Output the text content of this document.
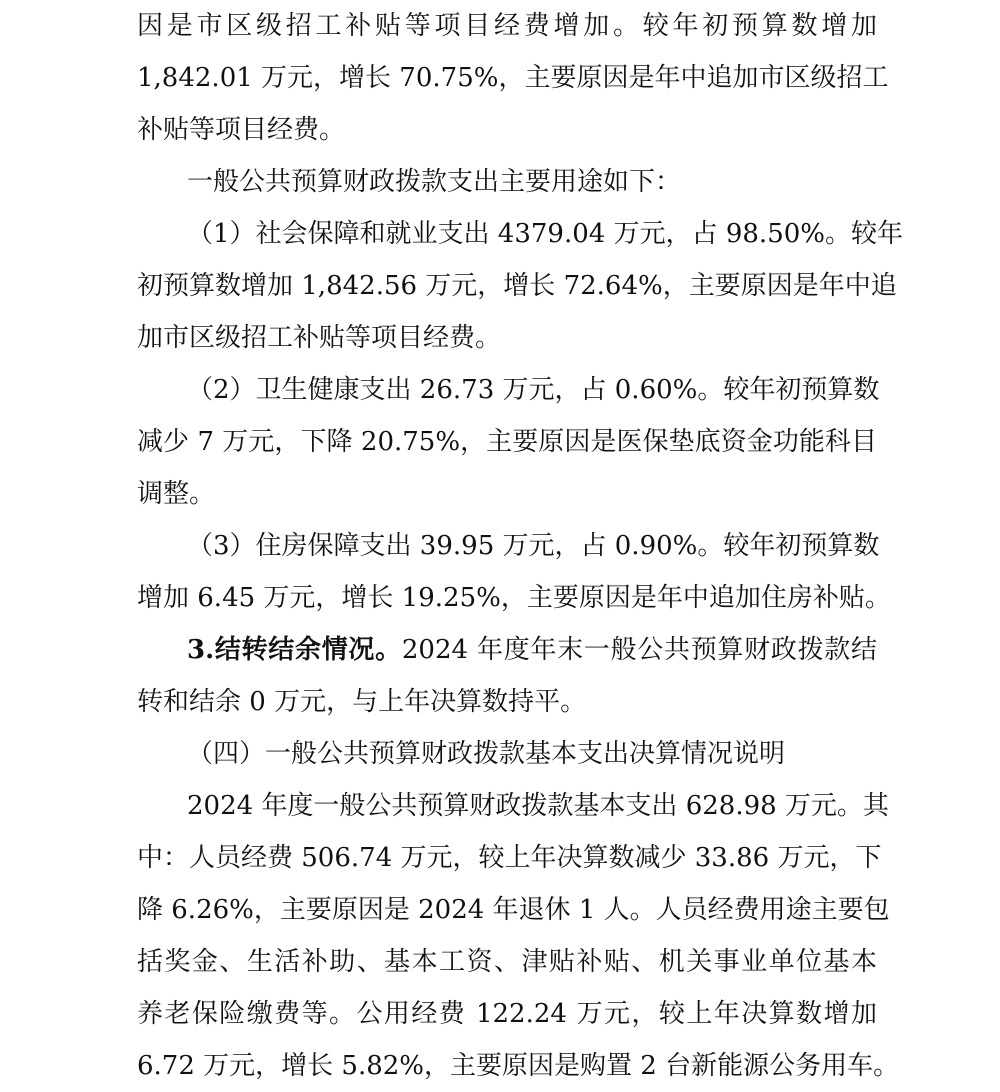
因是市区级招工补贴等项目经费增加。较年初预算数增加
1,842.01 万元，增长 70.75%，主要原因是年中追加市区级招工
补贴等项目经费。
一般公共预算财政拨款支出主要用途如下：
（1）社会保障和就业支出 4379.04 万元，占 98.50%。较年
初预算数增加 1,842.56 万元，增长 72.64%，主要原因是年中追
加市区级招工补贴等项目经费。
（2）卫生健康支出 26.73 万元，占 0.60%。较年初预算数
减少 7 万元，下降 20.75%，主要原因是医保垫底资金功能科目
调整。
（3）住房保障支出 39.95 万元，占 0.90%。较年初预算数
增加 6.45 万元，增长 19.25%，主要原因是年中追加住房补贴。
3.结转结余情况。2024 年度年末一般公共预算财政拨款结
转和结余 0 万元，与上年决算数持平。
（四）一般公共预算财政拨款基本支出决算情况说明
2024 年度一般公共预算财政拨款基本支出 628.98 万元。其
中：人员经费 506.74 万元，较上年决算数减少 33.86 万元，下
降 6.26%，主要原因是 2024 年退休 1 人。人员经费用途主要包
括奖金、生活补助、基本工资、津贴补贴、机关事业单位基本
养老保险缴费等。公用经费 122.24 万元，较上年决算数增加
6.72 万元，增长 5.82%，主要原因是购置 2 台新能源公务用车。
